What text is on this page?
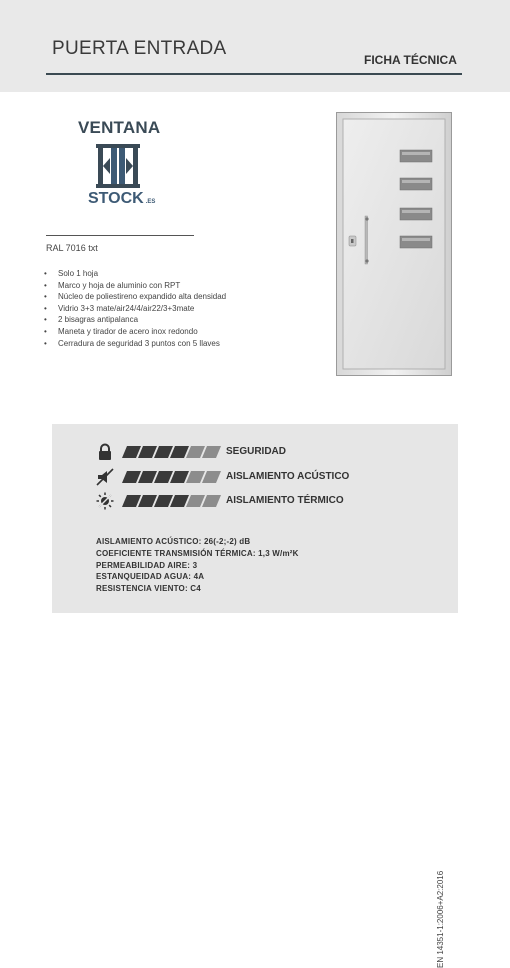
PUERTA ENTRADA
FICHA TÉCNICA
VENTANA
STOCK .ES
RAL 7016 txt
• Solo 1 hoja
• Marco y hoja de aluminio con RPT
• Núcleo de poliestireno expandido alta densidad
• Vidrio 3+3 mate/air24/4/air22/3+3mate
• 2 bisagras antipalanca
• Maneta y tirador de acero inox redondo
• Cerradura de seguridad 3 puntos con 5 llaves
SEGURIDAD
AISLAMIENTO ACÚSTICO
AISLAMIENTO TÉRMICO
AISLAMIENTO ACÚSTICO: 26(-2;-2) dB
COEFICIENTE TRANSMISIÓN TÉRMICA: 1,3 W/m²K
PERMEABILIDAD AIRE: 3
ESTANQUEIDAD AGUA: 4A
RESISTENCIA VIENTO: C4
EN 14351-1:2006+A2:2016
